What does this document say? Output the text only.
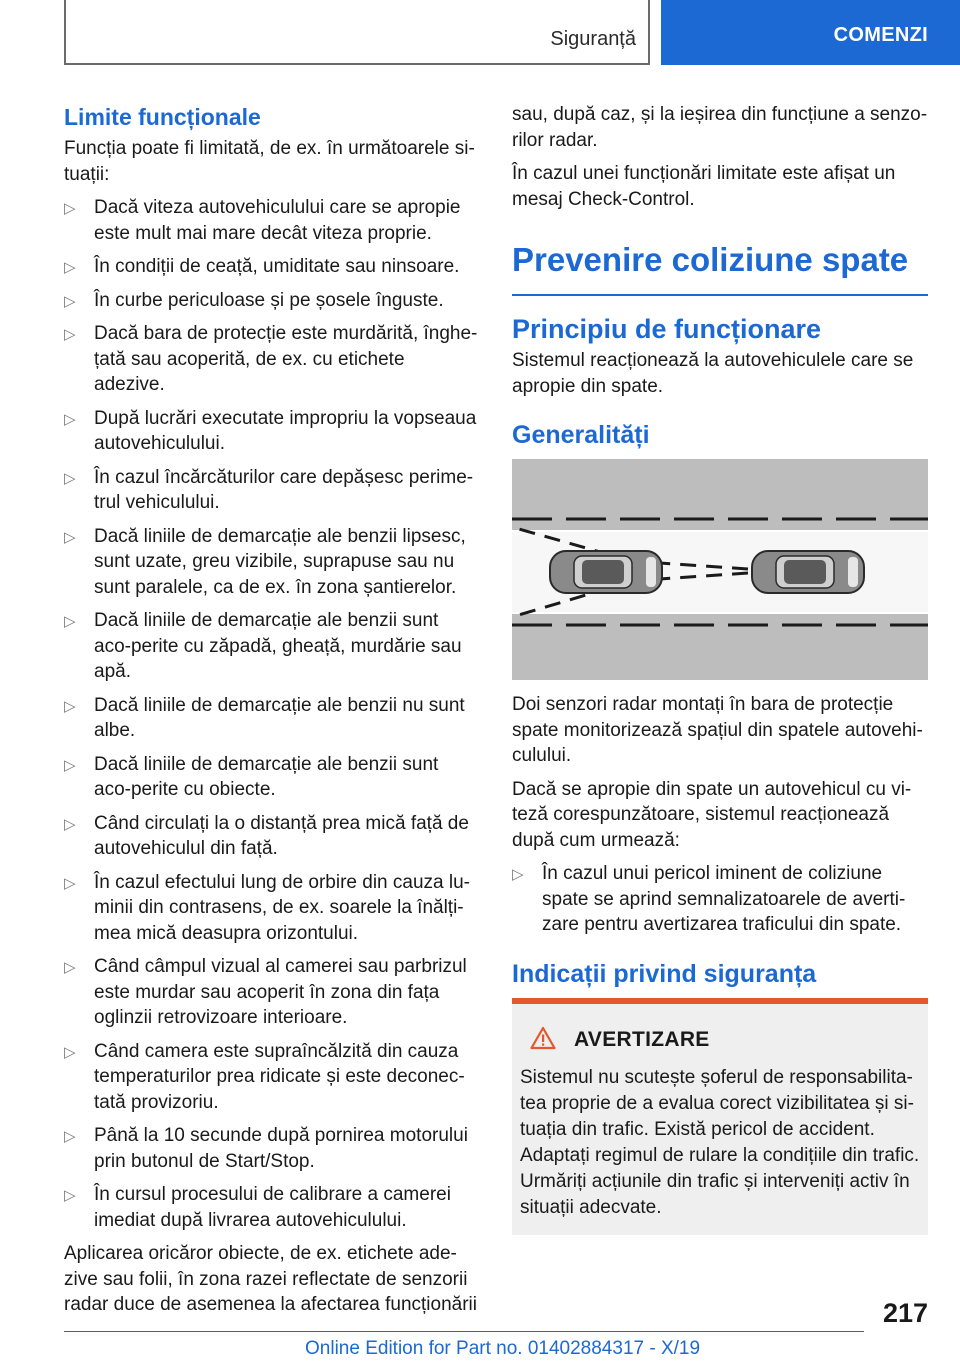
Siguranță	COMENZI
Limite funcționale
Funcția poate fi limitată, de ex. în următoarele si-tuații:
▷ Dacă viteza autovehiculului care se apropie este mult mai mare decât viteza proprie.
▷ În condiții de ceață, umiditate sau ninsoare.
▷ În curbe periculoase și pe șosele înguste.
▷ Dacă bara de protecție este murdărită, înghe-țată sau acoperită, de ex. cu etichete adezive.
▷ După lucrări executate impropriu la vopseaua autovehiculului.
▷ În cazul încărcăturilor care depășesc perime-trul vehiculului.
▷ Dacă liniile de demarcație ale benzii lipsesc, sunt uzate, greu vizibile, suprapuse sau nu sunt paralele, ca de ex. în zona șantierelor.
▷ Dacă liniile de demarcație ale benzii sunt aco-perite cu zăpadă, gheață, murdărie sau apă.
▷ Dacă liniile de demarcație ale benzii nu sunt albe.
▷ Dacă liniile de demarcație ale benzii sunt aco-perite cu obiecte.
▷ Când circulați la o distanță prea mică față de autovehiculul din față.
▷ În cazul efectului lung de orbire din cauza lu-minii din contrasens, de ex. soarele la înălți-mea mică deasupra orizontului.
▷ Când câmpul vizual al camerei sau parbrizul este murdar sau acoperit în zona din fața oglinzii retrovizoare interioare.
▷ Când camera este supraîncălzită din cauza temperaturilor prea ridicate și este deconec-tată provizoriu.
▷ Până la 10 secunde după pornirea motorului prin butonul de Start/Stop.
▷ În cursul procesului de calibrare a camerei imediat după livrarea autovehiculului.
Aplicarea oricăror obiecte, de ex. etichete ade-zive sau folii, în zona razei reflectate de senzorii radar duce de asemenea la afectarea funcționării
sau, după caz, și la ieșirea din funcțiune a senzo-rilor radar.
În cazul unei funcționări limitate este afișat un mesaj Check-Control.
Prevenire coliziune spate
Principiu de funcționare
Sistemul reacționează la autovehiculele care se apropie din spate.
Generalități
Doi senzori radar montați în bara de protecție spate monitorizează spațiul din spatele autovehi-culului.
Dacă se apropie din spate un autovehicul cu vi-teză corespunzătoare, sistemul reacționează după cum urmează:
▷ În cazul unui pericol iminent de coliziune spate se aprind semnalizatoarele de averti-zare pentru avertizarea traficului din spate.
Indicații privind siguranța
AVERTIZARE
Sistemul nu scutește șoferul de responsabilita-tea proprie de a evalua corect vizibilitatea și si-tuația din trafic. Există pericol de accident. Adaptați regimul de rulare la condițiile din trafic. Urmăriți acțiunile din trafic și interveniți activ în situații adecvate.
217
Online Edition for Part no. 01402884317 - X/19
